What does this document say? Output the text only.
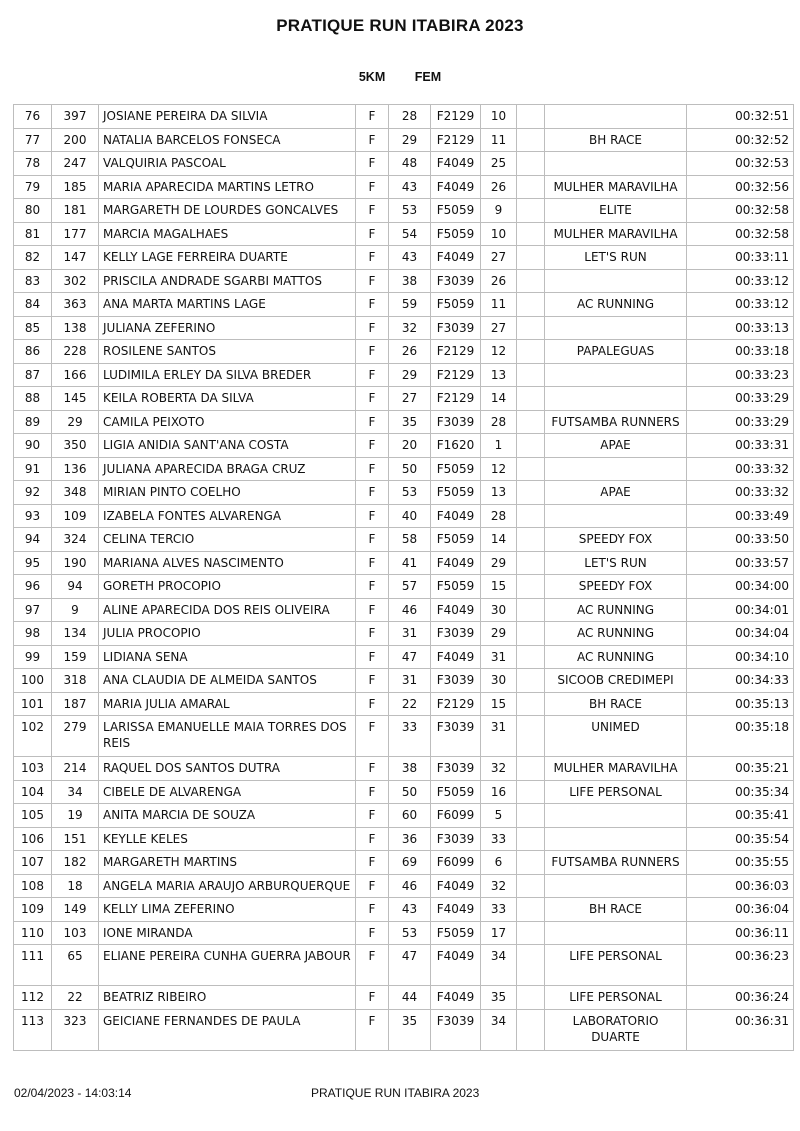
PRATIQUE RUN ITABIRA 2023
5KM FEM
76	397	JOSIANE PEREIRA DA SILVIA	F	28	F2129	10			00:32:51
77	200	NATALIA BARCELOS FONSECA	F	29	F2129	11		BH RACE	00:32:52
78	247	VALQUIRIA PASCOAL	F	48	F4049	25			00:32:53
79	185	MARIA APARECIDA MARTINS LETRO	F	43	F4049	26		MULHER MARAVILHA	00:32:56
80	181	MARGARETH DE LOURDES GONCALVES	F	53	F5059	9		ELITE	00:32:58
81	177	MARCIA MAGALHAES	F	54	F5059	10		MULHER MARAVILHA	00:32:58
82	147	KELLY LAGE FERREIRA DUARTE	F	43	F4049	27		LET'S RUN	00:33:11
83	302	PRISCILA ANDRADE SGARBI MATTOS	F	38	F3039	26			00:33:12
84	363	ANA MARTA MARTINS LAGE	F	59	F5059	11		AC RUNNING	00:33:12
85	138	JULIANA ZEFERINO	F	32	F3039	27			00:33:13
86	228	ROSILENE SANTOS	F	26	F2129	12		PAPALEGUAS	00:33:18
87	166	LUDIMILA ERLEY DA SILVA BREDER	F	29	F2129	13			00:33:23
88	145	KEILA ROBERTA DA SILVA	F	27	F2129	14			00:33:29
89	29	CAMILA PEIXOTO	F	35	F3039	28		FUTSAMBA RUNNERS	00:33:29
90	350	LIGIA ANIDIA SANT'ANA COSTA	F	20	F1620	1		APAE	00:33:31
91	136	JULIANA APARECIDA BRAGA CRUZ	F	50	F5059	12			00:33:32
92	348	MIRIAN PINTO COELHO	F	53	F5059	13		APAE	00:33:32
93	109	IZABELA FONTES ALVARENGA	F	40	F4049	28			00:33:49
94	324	CELINA TERCIO	F	58	F5059	14		SPEEDY FOX	00:33:50
95	190	MARIANA ALVES NASCIMENTO	F	41	F4049	29		LET'S RUN	00:33:57
96	94	GORETH PROCOPIO	F	57	F5059	15		SPEEDY FOX	00:34:00
97	9	ALINE APARECIDA DOS REIS OLIVEIRA	F	46	F4049	30		AC RUNNING	00:34:01
98	134	JULIA PROCOPIO	F	31	F3039	29		AC RUNNING	00:34:04
99	159	LIDIANA SENA	F	47	F4049	31		AC RUNNING	00:34:10
100	318	ANA CLAUDIA DE ALMEIDA SANTOS	F	31	F3039	30		SICOOB CREDIMEPI	00:34:33
101	187	MARIA JULIA AMARAL	F	22	F2129	15		BH RACE	00:35:13
102	279	LARISSA EMANUELLE MAIA TORRES DOS REIS	F	33	F3039	31		UNIMED	00:35:18
103	214	RAQUEL DOS SANTOS DUTRA	F	38	F3039	32		MULHER MARAVILHA	00:35:21
104	34	CIBELE DE ALVARENGA	F	50	F5059	16		LIFE PERSONAL	00:35:34
105	19	ANITA MARCIA DE SOUZA	F	60	F6099	5			00:35:41
106	151	KEYLLE KELES	F	36	F3039	33			00:35:54
107	182	MARGARETH MARTINS	F	69	F6099	6		FUTSAMBA RUNNERS	00:35:55
108	18	ANGELA MARIA ARAUJO ARBURQUERQUE	F	46	F4049	32			00:36:03
109	149	KELLY LIMA ZEFERINO	F	43	F4049	33		BH RACE	00:36:04
110	103	IONE MIRANDA	F	53	F5059	17			00:36:11
111	65	ELIANE PEREIRA CUNHA GUERRA JABOUR	F	47	F4049	34		LIFE PERSONAL	00:36:23
112	22	BEATRIZ RIBEIRO	F	44	F4049	35		LIFE PERSONAL	00:36:24
113	323	GEICIANE FERNANDES DE PAULA	F	35	F3039	34		LABORATORIO DUARTE	00:36:31
02/04/2023 - 14:03:14	PRATIQUE RUN ITABIRA 2023
